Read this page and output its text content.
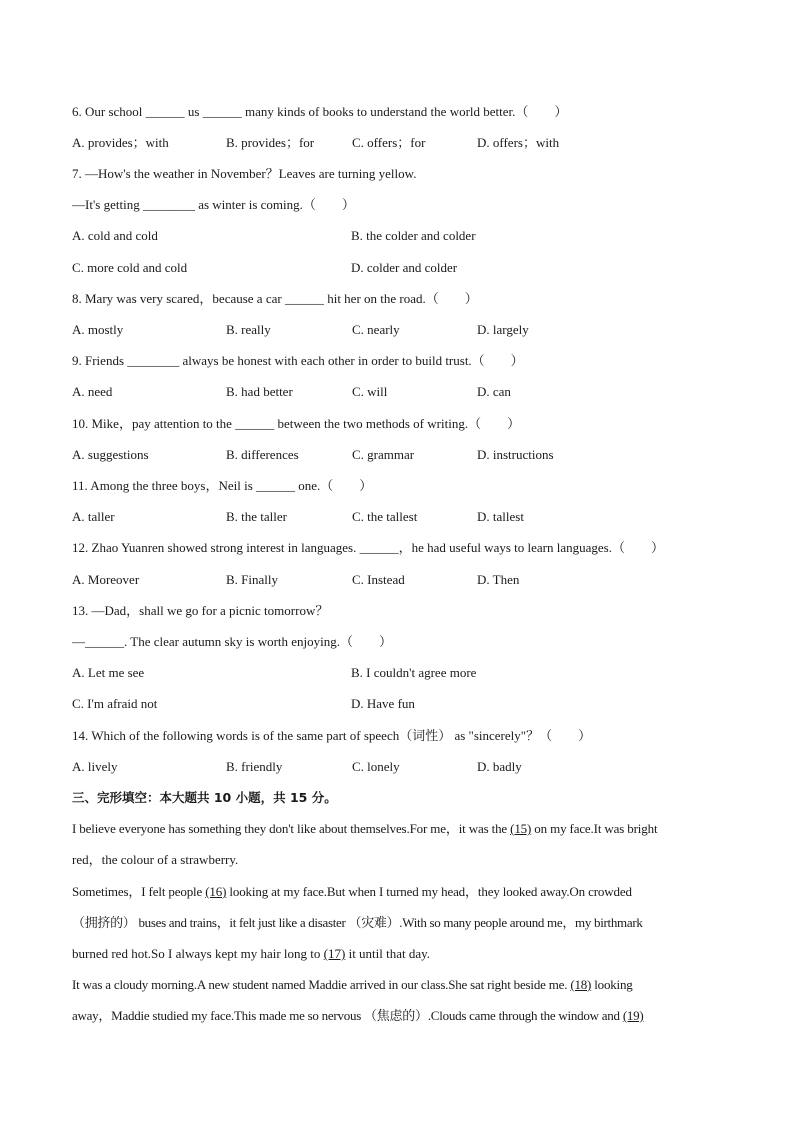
6. Our school ______ us ______ many kinds of books to understand the world better.（　　）
A. provides；with	B. provides；for	C. offers；for	D. offers；with
7. —How's the weather in November？Leaves are turning yellow.
—It's getting ________ as winter is coming.（　　）
A. cold and cold	B. the colder and colder
C. more cold and cold	D. colder and colder
8. Mary was very scared，because a car ______ hit her on the road.（　　）
A. mostly	B. really	C. nearly	D. largely
9. Friends ________ always be honest with each other in order to build trust.（　　）
A. need	B. had better	C. will	D. can
10. Mike，pay attention to the ______ between the two methods of writing.（　　）
A. suggestions	B. differences	C. grammar	D. instructions
11. Among the three boys，Neil is ______ one.（　　）
A. taller	B. the taller	C. the tallest	D. tallest
12. Zhao Yuanren showed strong interest in languages. ______，he had useful ways to learn languages.（　　）
A. Moreover	B. Finally	C. Instead	D. Then
13. —Dad，shall we go for a picnic tomorrow？
—______. The clear autumn sky is worth enjoying.（　　）
A. Let me see	B. I couldn't agree more
C. I'm afraid not	D. Have fun
14. Which of the following words is of the same part of speech（词性） as "sincerely"？（　　）
A. lively	B. friendly	C. lonely	D. badly
三、完形填空：本大题共 10 小题，共 15 分。
I believe everyone has something they don't like about themselves.For me，it was the (15) on my face.It was bright
red，the colour of a strawberry.
Sometimes，I felt people (16) looking at my face.But when I turned my head，they looked away.On crowded
（拥挤的） buses and trains，it felt just like a disaster （灾难）.With so many people around me，my birthmark
burned red hot.So I always kept my hair long to (17) it until that day.
It was a cloudy morning.A new student named Maddie arrived in our class.She sat right beside me. (18) looking
away，Maddie studied my face.This made me so nervous （焦虑的）.Clouds came through the window and (19)
